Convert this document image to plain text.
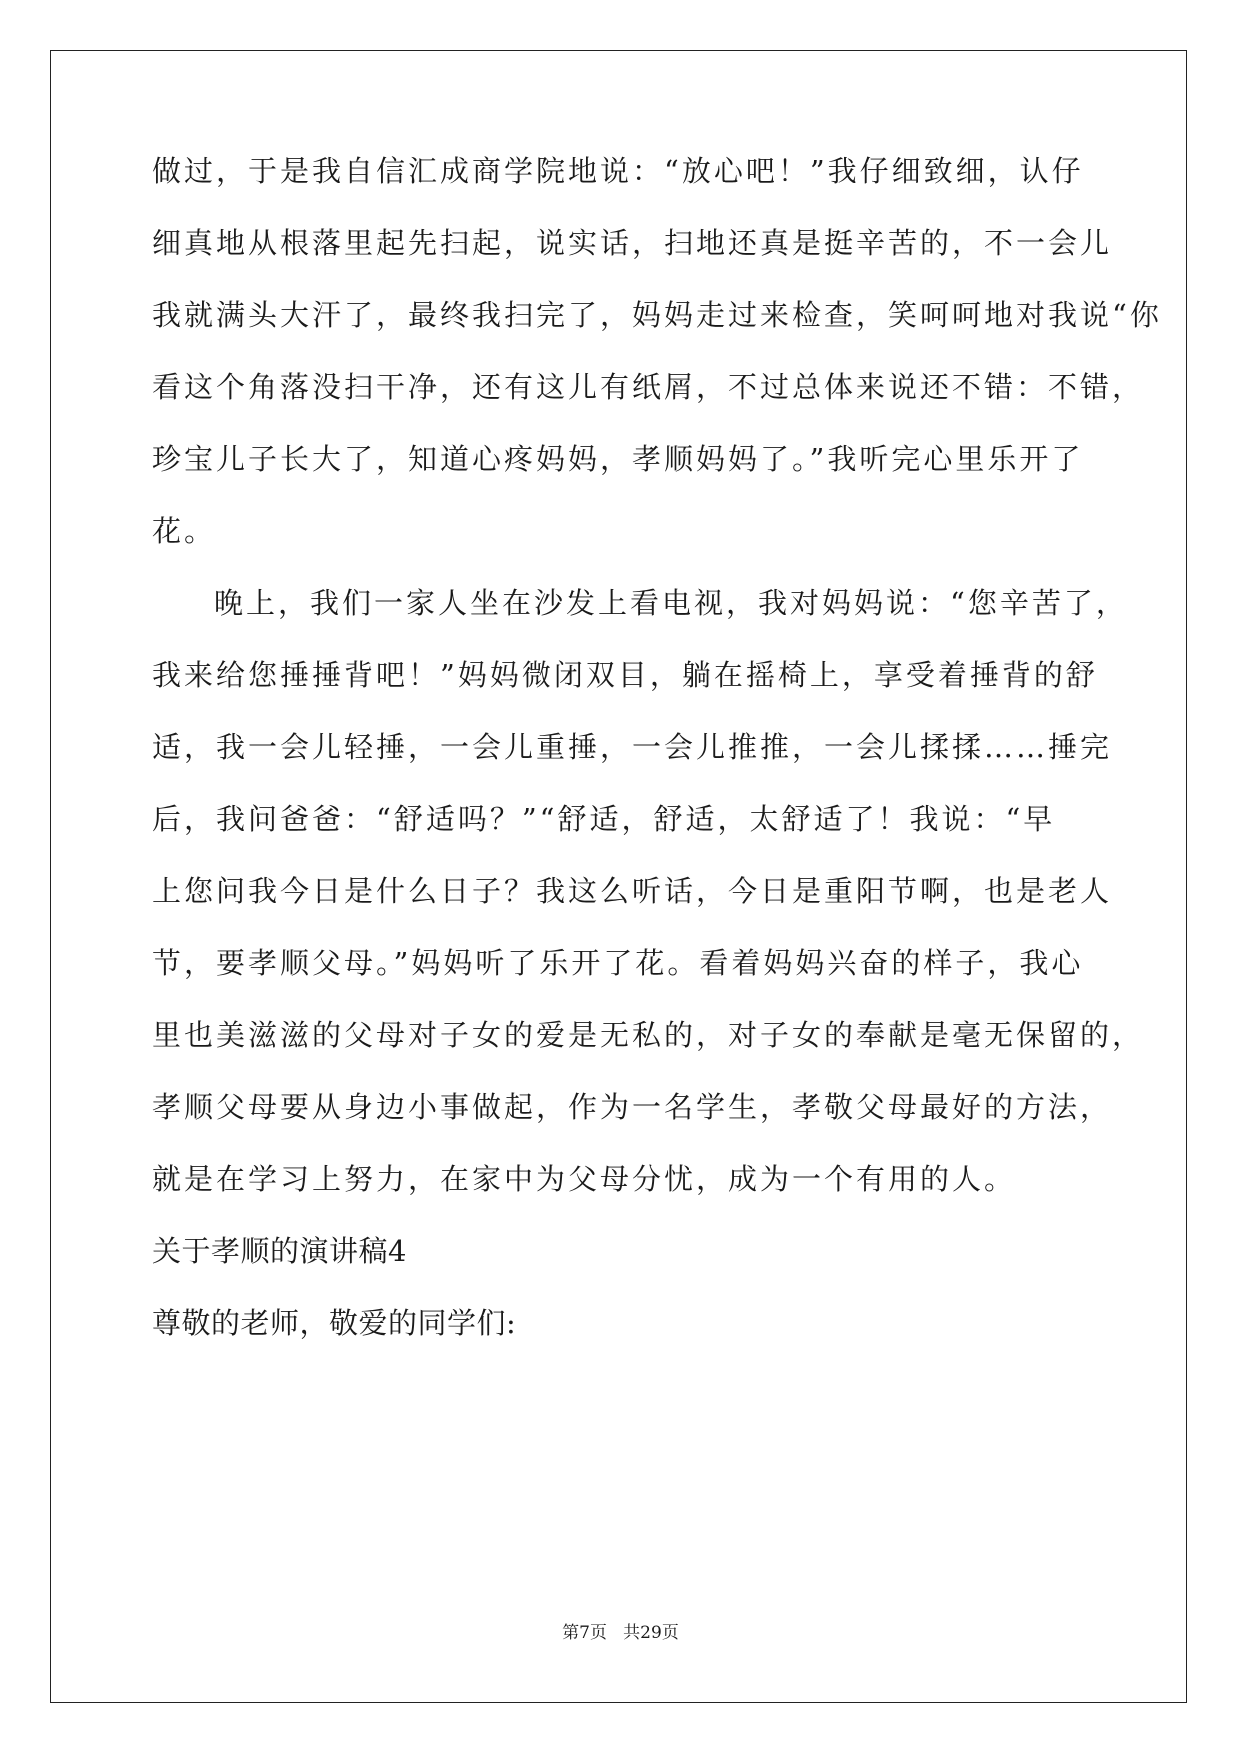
做过，于是我自信汇成商学院地说：“放心吧！”我仔细致细，认仔
细真地从根落里起先扫起，说实话，扫地还真是挺辛苦的，不一会儿
我就满头大汗了，最终我扫完了，妈妈走过来检查，笑呵呵地对我说“你
看这个角落没扫干净，还有这儿有纸屑，不过总体来说还不错：不错，
珍宝儿子长大了，知道心疼妈妈，孝顺妈妈了。”我听完心里乐开了
花。
晚上，我们一家人坐在沙发上看电视，我对妈妈说：“您辛苦了，
我来给您捶捶背吧！”妈妈微闭双目，躺在摇椅上，享受着捶背的舒
适，我一会儿轻捶，一会儿重捶，一会儿推推，一会儿揉揉……捶完
后，我问爸爸：“舒适吗？”“舒适，舒适，太舒适了！我说：“早
上您问我今日是什么日子？我这么听话，今日是重阳节啊，也是老人
节，要孝顺父母。”妈妈听了乐开了花。看着妈妈兴奋的样子，我心
里也美滋滋的父母对子女的爱是无私的，对子女的奉献是毫无保留的，
孝顺父母要从身边小事做起，作为一名学生，孝敬父母最好的方法，
就是在学习上努力，在家中为父母分忧，成为一个有用的人。
关于孝顺的演讲稿4
尊敬的老师，敬爱的同学们:
第7页   共29页
